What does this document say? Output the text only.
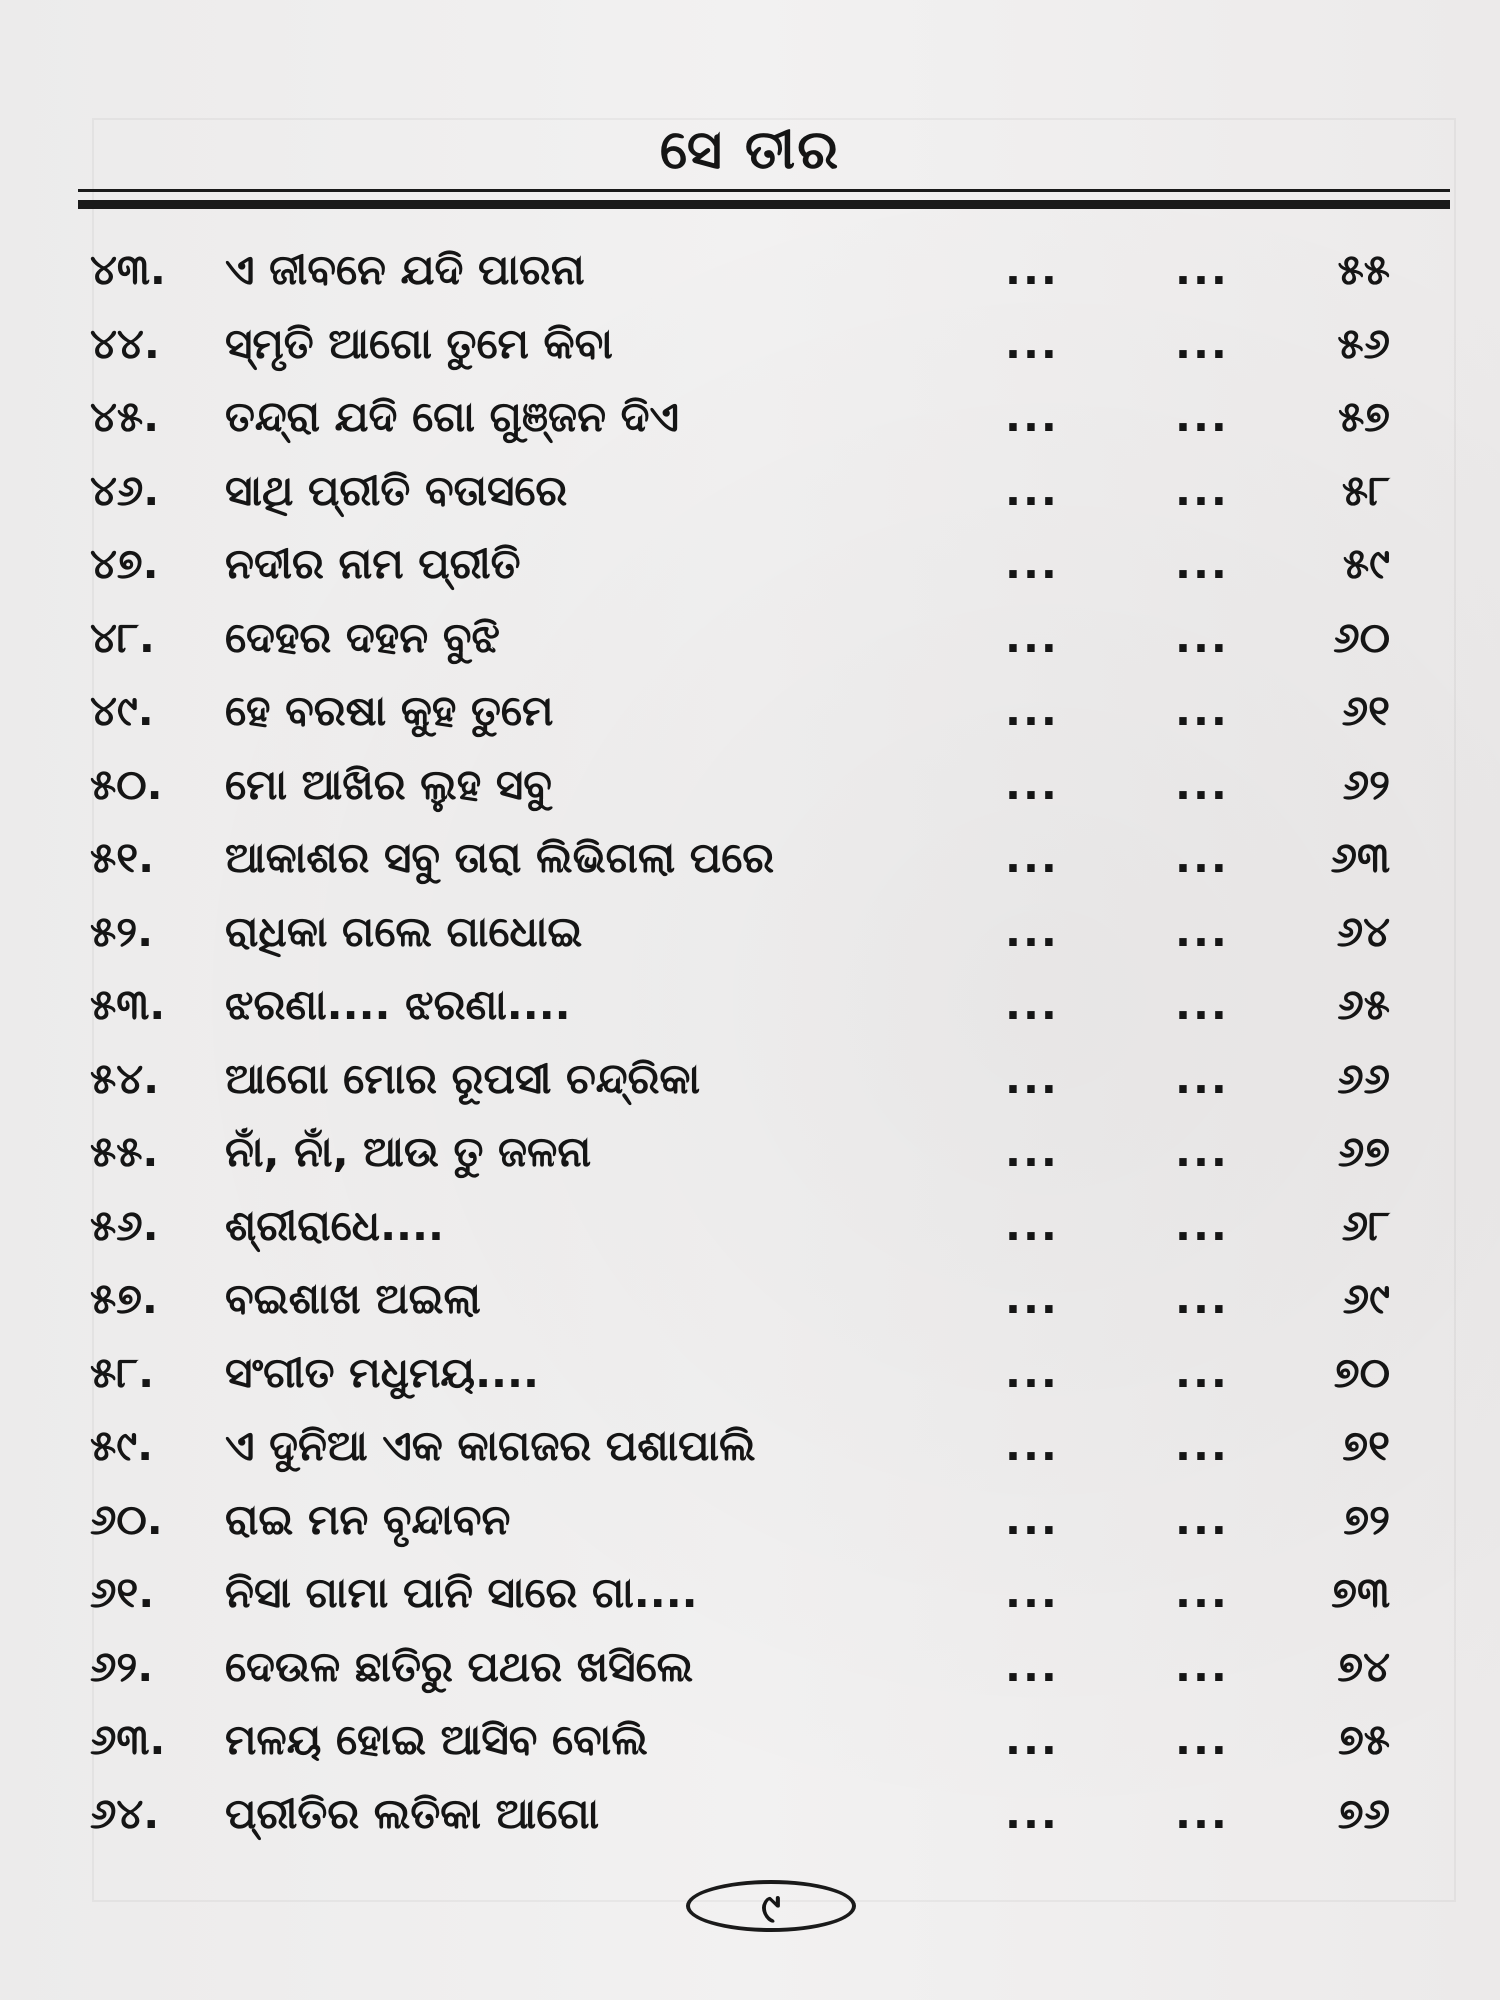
ସେ ତୀର
୪୩.	ଏ ଜୀବନେ ଯଦି ପାରନା	...	...	୫୫
୪୪.	ସ୍ମୃତି ଆଗୋ ତୁମେ କିବା	...	...	୫୬
୪୫.	ତନ୍ଦ୍ରା ଯଦି ଗୋ ଗୁଞ୍ଜନ ଦିଏ	...	...	୫୭
୪୬.	ସାଥି ପ୍ରୀତି ବତାସରେ	...	...	୫୮
୪୭.	ନଦୀର ନାମ ପ୍ରୀତି	...	...	୫୯
୪୮.	ଦେହର ଦହନ ବୁଝି	...	...	୬୦
୪୯.	ହେ ବରଷା କୁହ ତୁମେ	...	...	୬୧
୫୦.	ମୋ ଆଖିର ଲୁହ ସବୁ	...	...	୬୨
୫୧.	ଆକାଶର ସବୁ ତାରା ଲିଭିଗଲା ପରେ	...	...	୬୩
୫୨.	ରାଧିକା ଗଲେ ଗାଧୋଇ	...	...	୬୪
୫୩.	ଝରଣା.... ଝରଣା....	...	...	୬୫
୫୪.	ଆଗୋ ମୋର ରୂପସୀ ଚନ୍ଦ୍ରିକା	...	...	୬୬
୫୫.	ନାଁ, ନାଁ, ଆଉ ତୁ ଜଳନା	...	...	୬୭
୫୬.	ଶ୍ରୀରାଧେ....	...	...	୬୮
୫୭.	ବଇଶାଖ ଅଇଲା	...	...	୬୯
୫୮.	ସଂଗୀତ ମଧୁମୟ....	...	...	୭୦
୫୯.	ଏ ଦୁନିଆ ଏକ କାଗଜର ପଶାପାଲି	...	...	୭୧
୬୦.	ରାଇ ମନ ବୃନ୍ଦାବନ	...	...	୭୨
୬୧.	ନିସା ଗାମା ପାନି ସାରେ ଗା....	...	...	୭୩
୬୨.	ଦେଉଳ ଛାତିରୁ ପଥର ଖସିଲେ	...	...	୭୪
୬୩.	ମଳୟ ହୋଇ ଆସିବ ବୋଲି	...	...	୭୫
୬୪.	ପ୍ରୀତିର ଲତିକା ଆଗୋ	...	...	୭୬
୯
